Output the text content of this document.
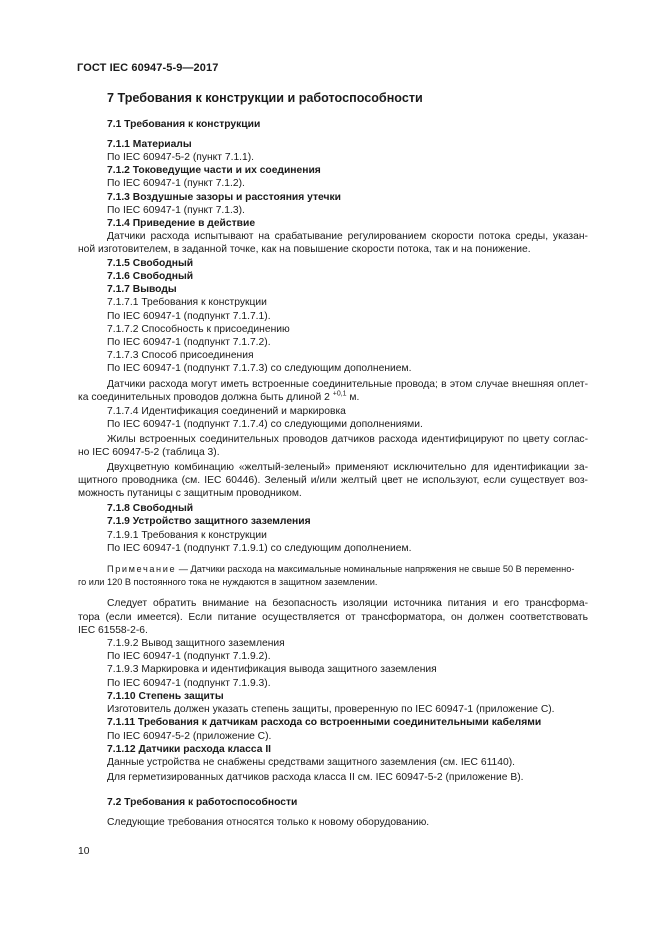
ГОСТ IEC 60947-5-9—2017
7 Требования к конструкции и работоспособности
7.1 Требования к конструкции
7.1.1 Материалы
По IEC 60947-5-2 (пункт 7.1.1).
7.1.2 Токоведущие части и их соединения
По IEC 60947-1 (пункт 7.1.2).
7.1.3 Воздушные зазоры и расстояния утечки
По IEC 60947-1 (пункт 7.1.3).
7.1.4 Приведение в действие
Датчики расхода испытывают на срабатывание регулированием скорости потока среды, указан-
ной изготовителем, в заданной точке, как на повышение скорости потока, так и на понижение.
7.1.5 Свободный
7.1.6 Свободный
7.1.7 Выводы
7.1.7.1 Требования к конструкции
По IEC 60947-1 (подпункт 7.1.7.1).
7.1.7.2 Способность к присоединению
По IEC 60947-1 (подпункт 7.1.7.2).
7.1.7.3 Способ присоединения
По IEC 60947-1 (подпункт 7.1.7.3) со следующим дополнением.
Датчики расхода могут иметь встроенные соединительные провода; в этом случае внешняя оплет-
ка соединительных проводов должна быть длиной 2 $^{+0,1}$ м.
7.1.7.4 Идентификация соединений и маркировка
По IEC 60947-1 (подпункт 7.1.7.4) со следующими дополнениями.
Жилы встроенных соединительных проводов датчиков расхода идентифицируют по цвету соглас-
но IEC 60947-5-2 (таблица 3).
Двухцветную комбинацию «желтый-зеленый» применяют исключительно для идентификации за-
щитного проводника (см. IEC 60446). Зеленый и/или желтый цвет не используют, если существует воз-
можность путаницы с защитным проводником.
7.1.8 Свободный
7.1.9 Устройство защитного заземления
7.1.9.1 Требования к конструкции
По IEC 60947-1 (подпункт 7.1.9.1) со следующим дополнением.
Примечание — Датчики расхода на максимальные номинальные напряжения не свыше 50 В переменно-
го или 120 В постоянного тока не нуждаются в защитном заземлении.
Следует обратить внимание на безопасность изоляции источника питания и его трансформа-
тора (если имеется). Если питание осуществляется от трансформатора, он должен соответствовать
IEC 61558-2-6.
7.1.9.2 Вывод защитного заземления
По IEC 60947-1 (подпункт 7.1.9.2).
7.1.9.3 Маркировка и идентификация вывода защитного заземления
По IEC 60947-1 (подпункт 7.1.9.3).
7.1.10 Степень защиты
Изготовитель должен указать степень защиты, проверенную по IEC 60947-1 (приложение С).
7.1.11 Требования к датчикам расхода со встроенными соединительными кабелями
По IEC 60947-5-2 (приложение С).
7.1.12 Датчики расхода класса II
Данные устройства не снабжены средствами защитного заземления (см. IEC 61140).
Для герметизированных датчиков расхода класса II см. IEC 60947-5-2 (приложение В).
7.2 Требования к работоспособности
Следующие требования относятся только к новому оборудованию.
10
